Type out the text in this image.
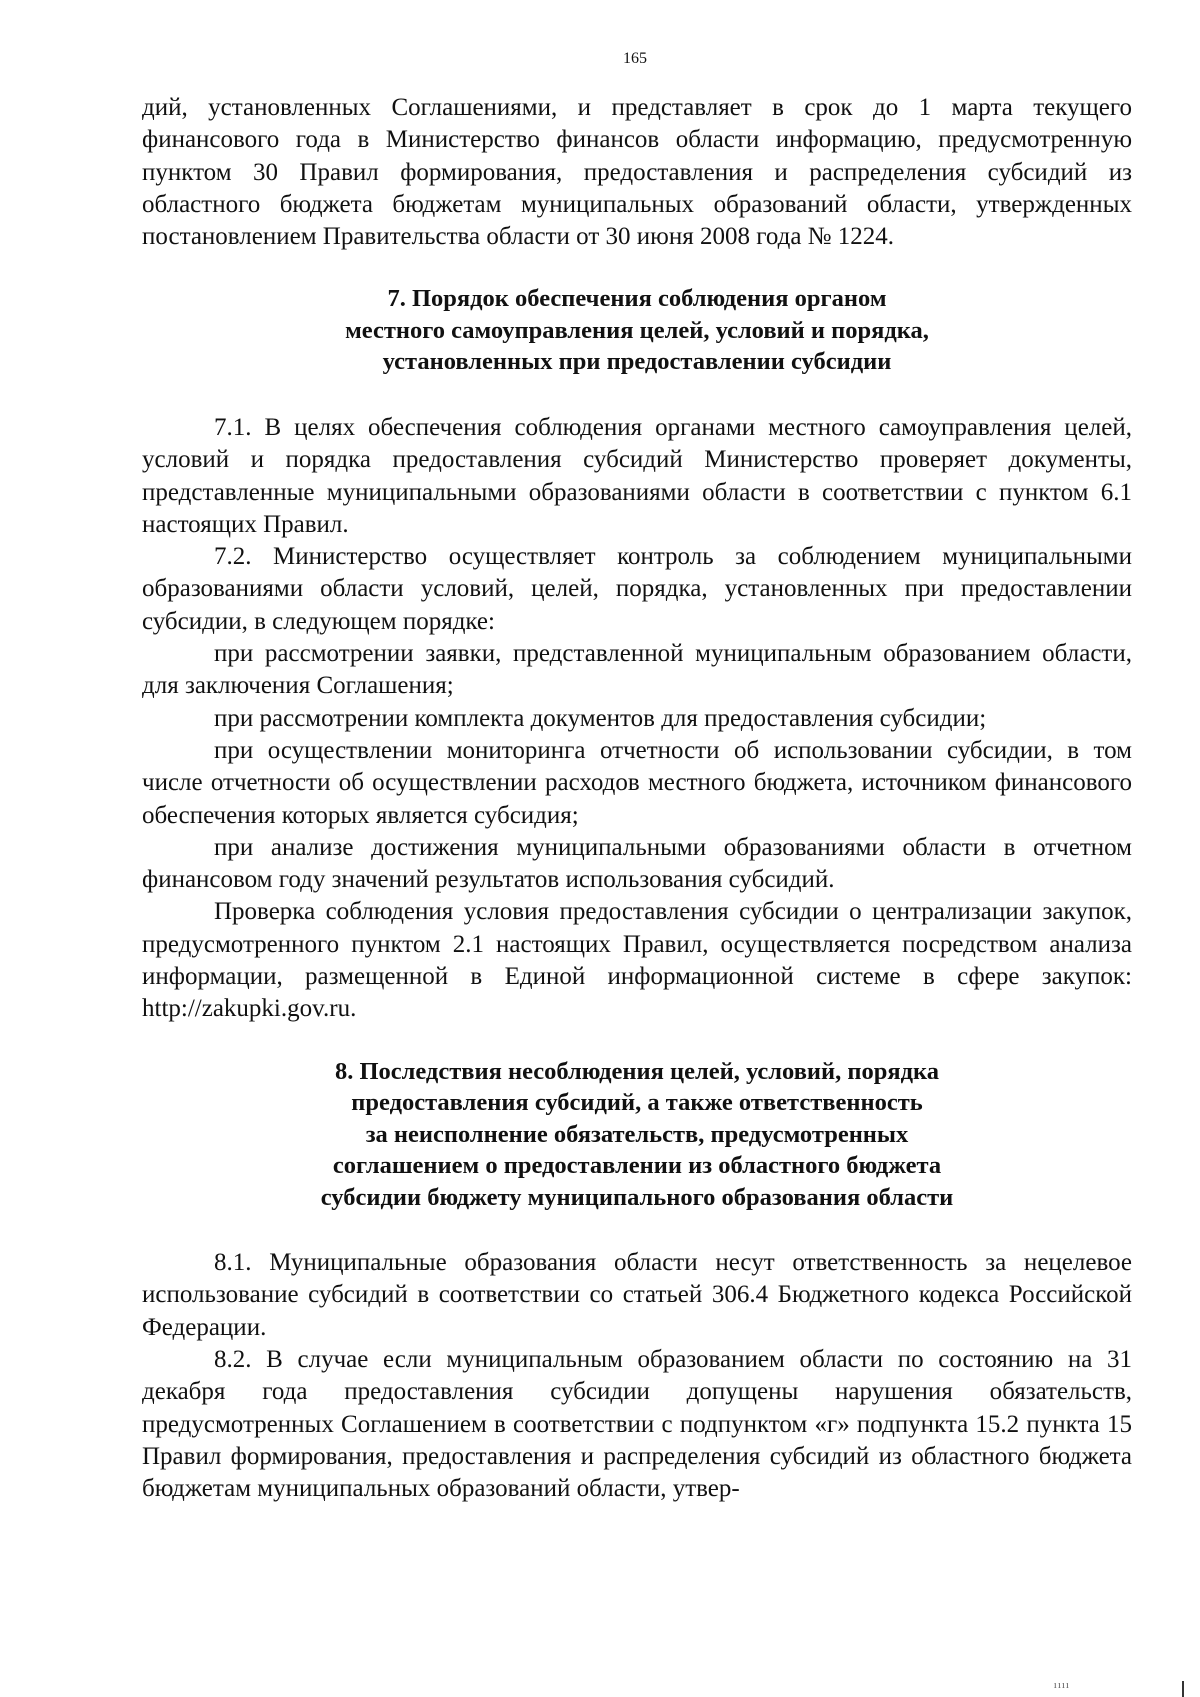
165

дий, установленных Соглашениями, и представляет в срок до 1 марта текущего финансового года в Министерство финансов области информацию, предусмотренную пунктом 30 Правил формирования, предоставления и распределения субсидий из областного бюджета бюджетам муниципальных образований области, утвержденных постановлением Правительства области от 30 июня 2008 года № 1224.

7. Порядок обеспечения соблюдения органом
местного самоуправления целей, условий и порядка,
установленных при предоставлении субсидии

7.1. В целях обеспечения соблюдения органами местного самоуправления целей, условий и порядка предоставления субсидий Министерство проверяет документы, представленные муниципальными образованиями области в соответствии с пунктом 6.1 настоящих Правил.

7.2. Министерство осуществляет контроль за соблюдением муниципальными образованиями области условий, целей, порядка, установленных при предоставлении субсидии, в следующем порядке:

при рассмотрении заявки, представленной муниципальным образованием области, для заключения Соглашения;

при рассмотрении комплекта документов для предоставления субсидии;

при осуществлении мониторинга отчетности об использовании субсидии, в том числе отчетности об осуществлении расходов местного бюджета, источником финансового обеспечения которых является субсидия;

при анализе достижения муниципальными образованиями области в отчетном финансовом году значений результатов использования субсидий.

Проверка соблюдения условия предоставления субсидии о централизации закупок, предусмотренного пунктом 2.1 настоящих Правил, осуществляется посредством анализа информации, размещенной в Единой информационной системе в сфере закупок: http://zakupki.gov.ru.

8. Последствия несоблюдения целей, условий, порядка
предоставления субсидий, а также ответственность
за неисполнение обязательств, предусмотренных
соглашением о предоставлении из областного бюджета
субсидии бюджету муниципального образования области

8.1. Муниципальные образования области несут ответственность за нецелевое использование субсидий в соответствии со статьей 306.4 Бюджетного кодекса Российской Федерации.

8.2. В случае если муниципальным образованием области по состоянию на 31 декабря года предоставления субсидии допущены нарушения обязательств, предусмотренных Соглашением в соответствии с подпунктом «г» подпункта 15.2 пункта 15 Правил формирования, предоставления и распределения субсидий из областного бюджета бюджетам муниципальных образований области, утвер-

ıııı
